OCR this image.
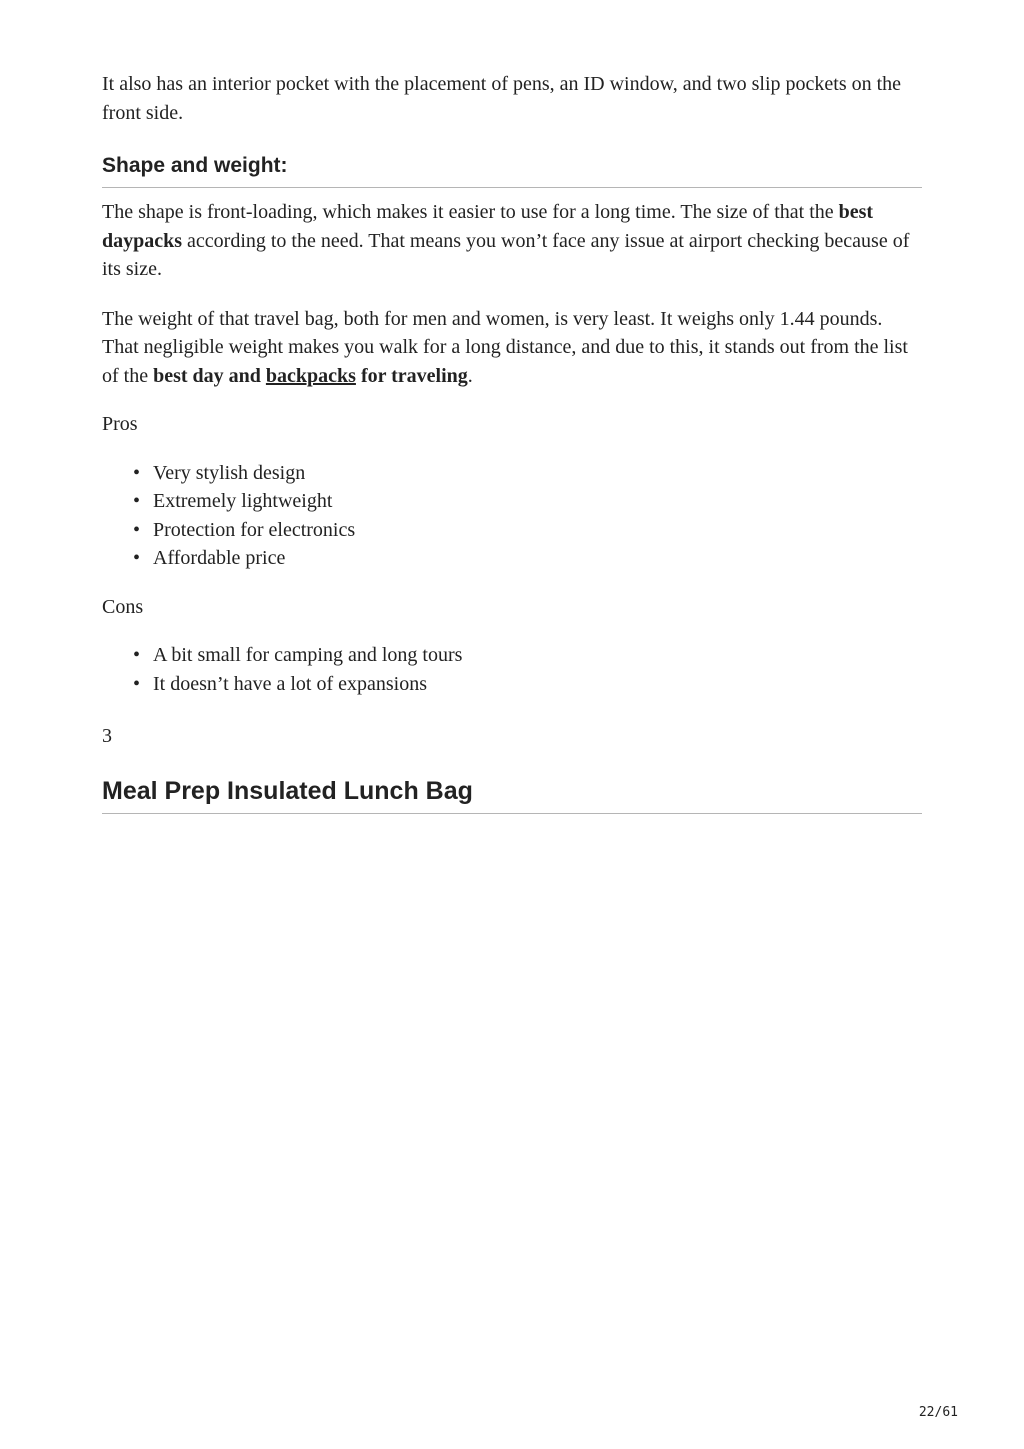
It also has an interior pocket with the placement of pens, an ID window, and two slip pockets on the front side.

Shape and weight:

The shape is front-loading, which makes it easier to use for a long time. The size of that the best daypacks according to the need. That means you won’t face any issue at airport checking because of its size.

The weight of that travel bag, both for men and women, is very least. It weighs only 1.44 pounds. That negligible weight makes you walk for a long distance, and due to this, it stands out from the list of the best day and backpacks for traveling.

Pros

• Very stylish design
• Extremely lightweight
• Protection for electronics
• Affordable price

Cons

• A bit small for camping and long tours
• It doesn’t have a lot of expansions

3

Meal Prep Insulated Lunch Bag
22/61
